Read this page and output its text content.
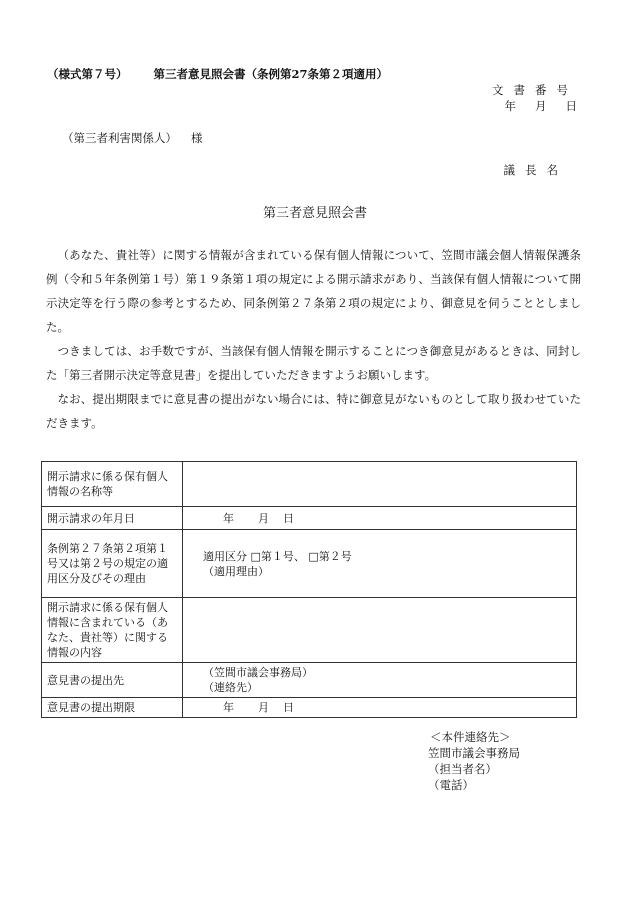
（様式第７号） 第三者意見照会書（条例第27条第２項適用）
文書番号
年 月 日
（第三者利害関係人） 様
議長名
第三者意見照会書

（あなた、貴社等）に関する情報が含まれている保有個人情報について、笠間市議会個人情報保護条例（令和５年条例第１号）第１９条第１項の規定による開示請求があり、当該保有個人情報について開示決定等を行う際の参考とするため、同条例第２７条第２項の規定により、御意見を伺うこととしました。

つきましては、お手数ですが、当該保有個人情報を開示することにつき御意見があるときは、同封した「第三者開示決定等意見書」を提出していただきますようお願いします。

なお、提出期限までに意見書の提出がない場合には、特に御意見がないものとして取り扱わせていただきます。

開示請求に係る保有個人情報の名称等	
開示請求の年月日	年 月 日
条例第２７条第２項第１号又は第２号の規定の適用区分及びその理由	適用区分 □第１号、 □第２号
（適用理由）

開示請求に係る保有個人情報に含まれている（あなた、貴社等）に関する情報の内容	
意見書の提出先	（笠間市議会事務局）
（連絡先）

意見書の提出期限	年 月 日
＜本件連絡先＞
笠間市議会事務局
（担当者名）
（電話）
